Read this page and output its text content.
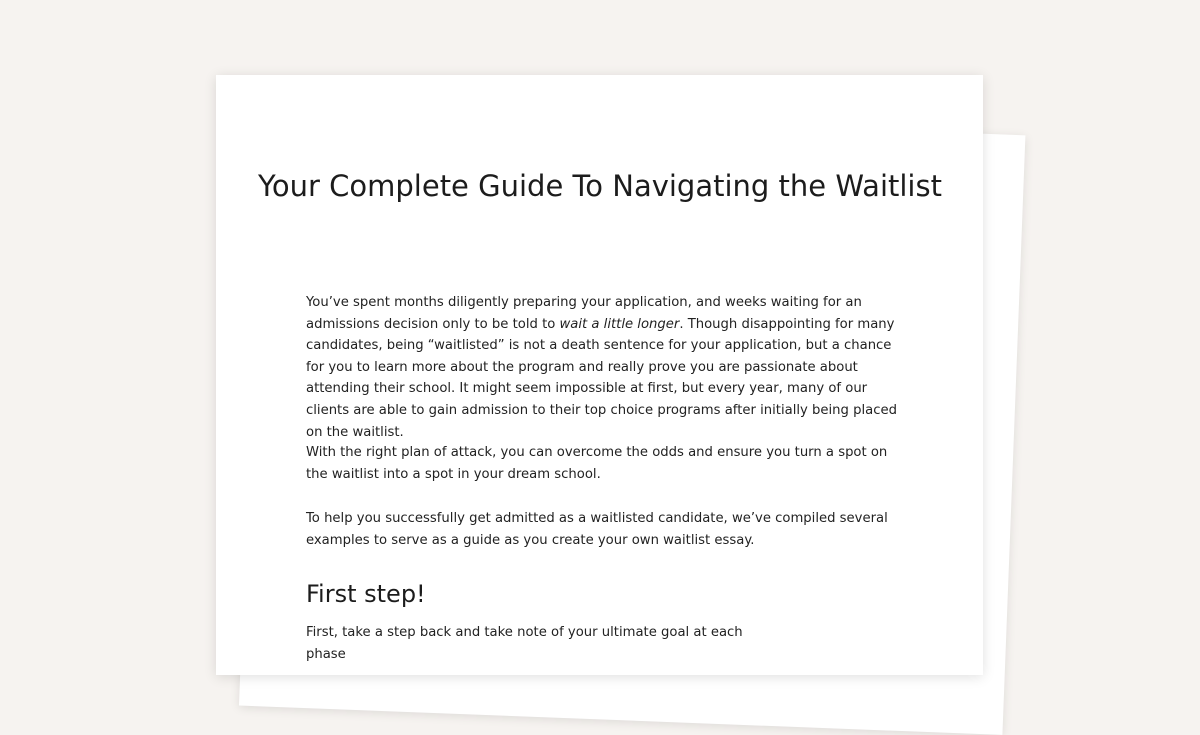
Your Complete Guide To Navigating the Waitlist

You’ve spent months diligently preparing your application, and weeks waiting for an admissions decision only to be told to wait a little longer. Though disappointing for many candidates, being “waitlisted” is not a death sentence for your application, but a chance for you to learn more about the program and really prove you are passionate about attending their school. It might seem impossible at first, but every year, many of our clients are able to gain admission to their top choice programs after initially being placed on the waitlist.

With the right plan of attack, you can overcome the odds and ensure you turn a spot on the waitlist into a spot in your dream school.

To help you successfully get admitted as a waitlisted candidate, we’ve compiled several examples to serve as a guide as you create your own waitlist essay.

First step!
